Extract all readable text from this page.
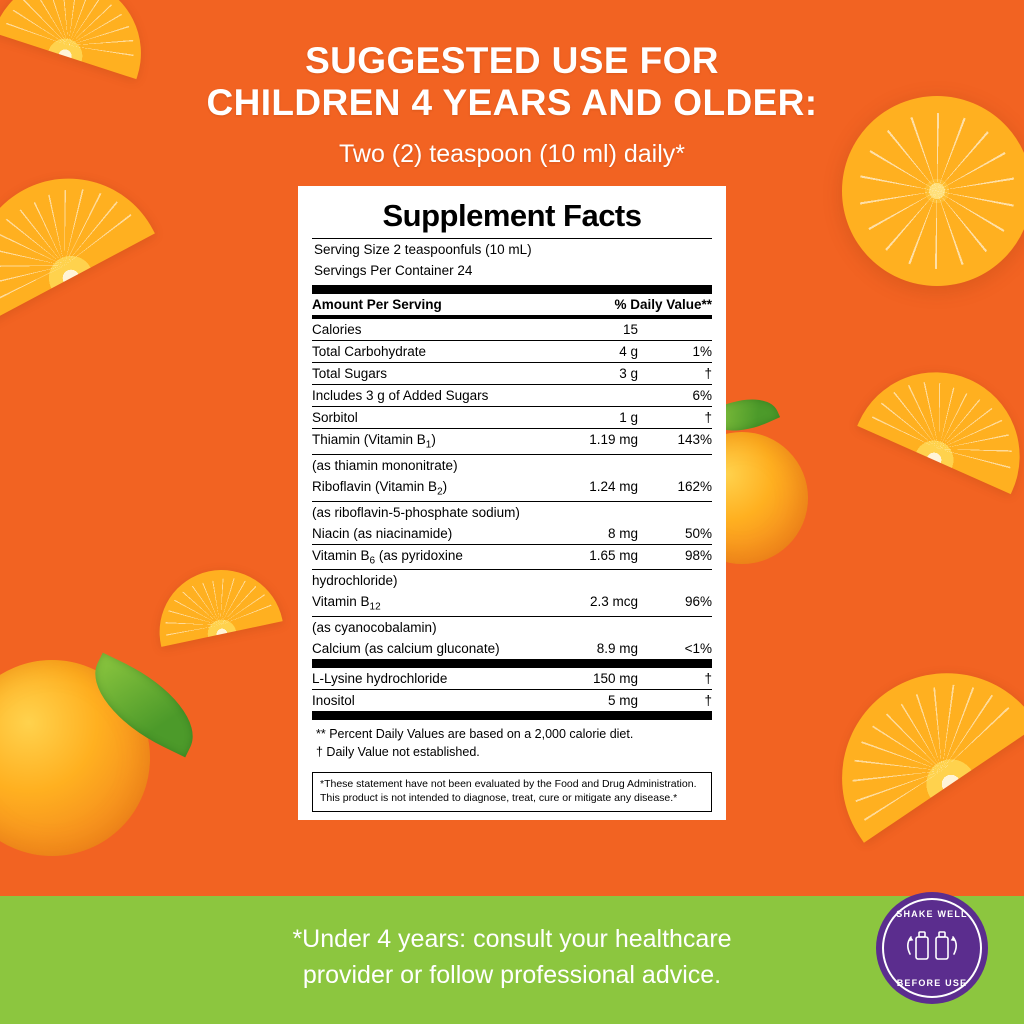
SUGGESTED USE FOR
CHILDREN 4 YEARS AND OLDER:
Two (2) teaspoon (10 ml) daily*
Supplement Facts
Serving Size 2 teaspoonfuls (10 mL)
Servings Per Container 24
Amount Per Serving		% Daily Value**
Calories	15	
Total Carbohydrate	4 g	1%
Total Sugars	3 g	†
Includes 3 g of Added Sugars		6%
Sorbitol	1 g	†
Thiamin (Vitamin $B_1$)	1.19 mg	143%
(as thiamin mononitrate)		
Riboflavin (Vitamin $B_2$)	1.24 mg	162%
(as riboflavin-5-phosphate sodium)		
Niacin (as niacinamide)	8 mg	50%
Vitamin $B_6$ (as pyridoxine	1.65 mg	98%
hydrochloride)		
Vitamin $B_{12}$	2.3 mcg	96%
(as cyanocobalamin)		
Calcium (as calcium gluconate)	8.9 mg	<1%
L-Lysine hydrochloride	150 mg	†
Inositol	5 mg	†
** Percent Daily Values are based on a 2,000 calorie diet.
† Daily Value not established.
*These statement have not been evaluated by the Food and Drug Administration. This product is not intended to diagnose, treat, cure or mitigate any disease.*
*Under 4 years: consult your healthcare
provider or follow professional advice.
SHAKE WELL
BEFORE USE
